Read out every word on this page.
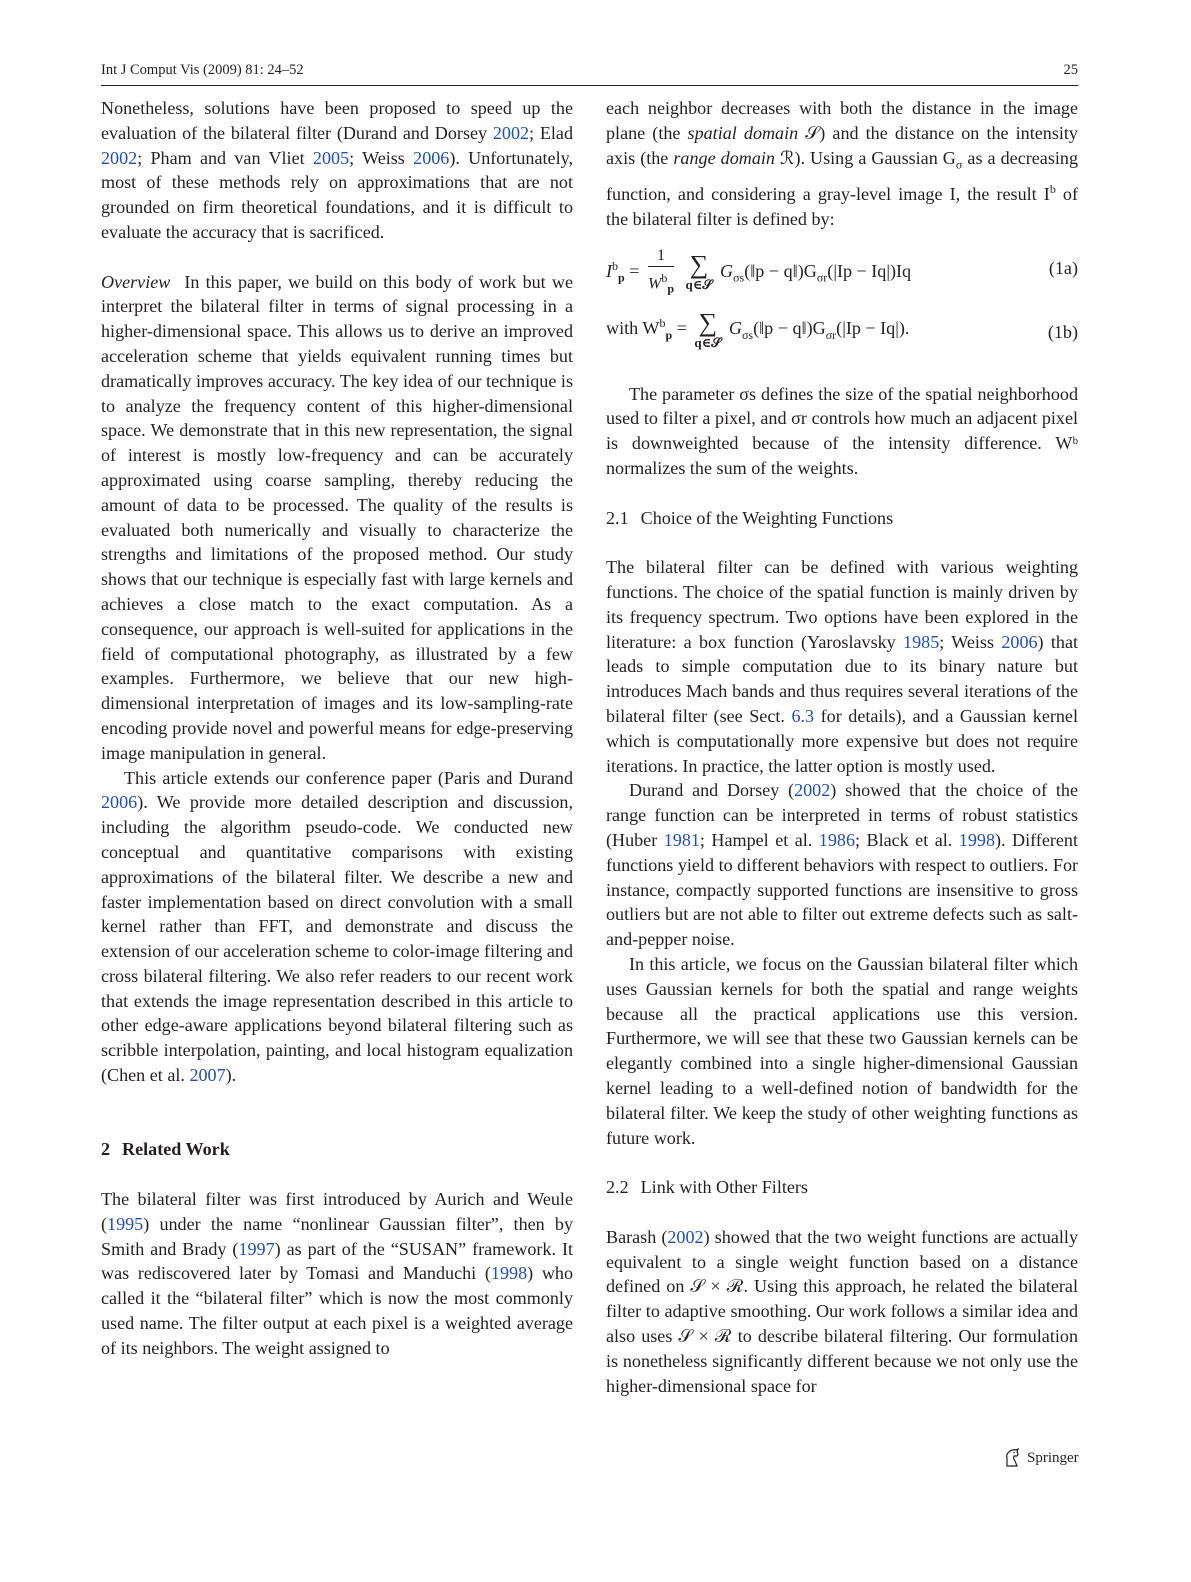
Int J Comput Vis (2009) 81: 24–52	25

Nonetheless, solutions have been proposed to speed up the evaluation of the bilateral filter (Durand and Dorsey 2002; Elad 2002; Pham and van Vliet 2005; Weiss 2006). Unfortunately, most of these methods rely on approximations that are not grounded on firm theoretical foundations, and it is difficult to evaluate the accuracy that is sacrificed.

Overview In this paper, we build on this body of work but we interpret the bilateral filter in terms of signal processing in a higher-dimensional space. This allows us to derive an improved acceleration scheme that yields equivalent running times but dramatically improves accuracy. The key idea of our technique is to analyze the frequency content of this higher-dimensional space. We demonstrate that in this new representation, the signal of interest is mostly low-frequency and can be accurately approximated using coarse sampling, thereby reducing the amount of data to be processed. The quality of the results is evaluated both numerically and visually to characterize the strengths and limitations of the proposed method. Our study shows that our technique is especially fast with large kernels and achieves a close match to the exact computation. As a consequence, our approach is well-suited for applications in the field of computational photography, as illustrated by a few examples. Furthermore, we believe that our new high-dimensional interpretation of images and its low-sampling-rate encoding provide novel and powerful means for edge-preserving image manipulation in general.

This article extends our conference paper (Paris and Durand 2006). We provide more detailed description and discussion, including the algorithm pseudo-code. We conducted new conceptual and quantitative comparisons with existing approximations of the bilateral filter. We describe a new and faster implementation based on direct convolution with a small kernel rather than FFT, and demonstrate and discuss the extension of our acceleration scheme to color-image filtering and cross bilateral filtering. We also refer readers to our recent work that extends the image representation described in this article to other edge-aware applications beyond bilateral filtering such as scribble interpolation, painting, and local histogram equalization (Chen et al. 2007).

2 Related Work

The bilateral filter was first introduced by Aurich and Weule (1995) under the name “nonlinear Gaussian filter”, then by Smith and Brady (1997) as part of the “SUSAN” framework. It was rediscovered later by Tomasi and Manduchi (1998) who called it the “bilateral filter” which is now the most commonly used name. The filter output at each pixel is a weighted average of its neighbors. The weight assigned to

each neighbor decreases with both the distance in the image plane (the spatial domain 𝒮) and the distance on the intensity axis (the range domain ℛ). Using a Gaussian $G_\sigma$ as a decreasing function, and considering a gray-level image I, the result $I^b$ of the bilateral filter is defined by:

$I^b_p = \frac{1}{W^b_p}$
∑
q∈𝒮
$G_{\sigma s}(‖p$ − $q‖)G_{\sigma r}(|Ip - Iq|)Iq$	(1a)
with $W^b_p$ = ∑
q∈𝒮
$G_{\sigma s}(‖p$ − $q‖)G_{\sigma r}(|Ip - Iq|)$.	(1b)

The parameter σs defines the size of the spatial neighborhood used to filter a pixel, and σr controls how much an adjacent pixel is downweighted because of the intensity difference. Wᵇ normalizes the sum of the weights.

2.1 Choice of the Weighting Functions

The bilateral filter can be defined with various weighting functions. The choice of the spatial function is mainly driven by its frequency spectrum. Two options have been explored in the literature: a box function (Yaroslavsky 1985; Weiss 2006) that leads to simple computation due to its binary nature but introduces Mach bands and thus requires several iterations of the bilateral filter (see Sect. 6.3 for details), and a Gaussian kernel which is computationally more expensive but does not require iterations. In practice, the latter option is mostly used.

Durand and Dorsey (2002) showed that the choice of the range function can be interpreted in terms of robust statistics (Huber 1981; Hampel et al. 1986; Black et al. 1998). Different functions yield to different behaviors with respect to outliers. For instance, compactly supported functions are insensitive to gross outliers but are not able to filter out extreme defects such as salt-and-pepper noise.

In this article, we focus on the Gaussian bilateral filter which uses Gaussian kernels for both the spatial and range weights because all the practical applications use this version. Furthermore, we will see that these two Gaussian kernels can be elegantly combined into a single higher-dimensional Gaussian kernel leading to a well-defined notion of bandwidth for the bilateral filter. We keep the study of other weighting functions as future work.

2.2 Link with Other Filters

Barash (2002) showed that the two weight functions are actually equivalent to a single weight function based on a distance defined on 𝒮 × ℛ. Using this approach, he related the bilateral filter to adaptive smoothing. Our work follows a similar idea and also uses 𝒮 × ℛ to describe bilateral filtering. Our formulation is nonetheless significantly different because we not only use the higher-dimensional space for

Springer
